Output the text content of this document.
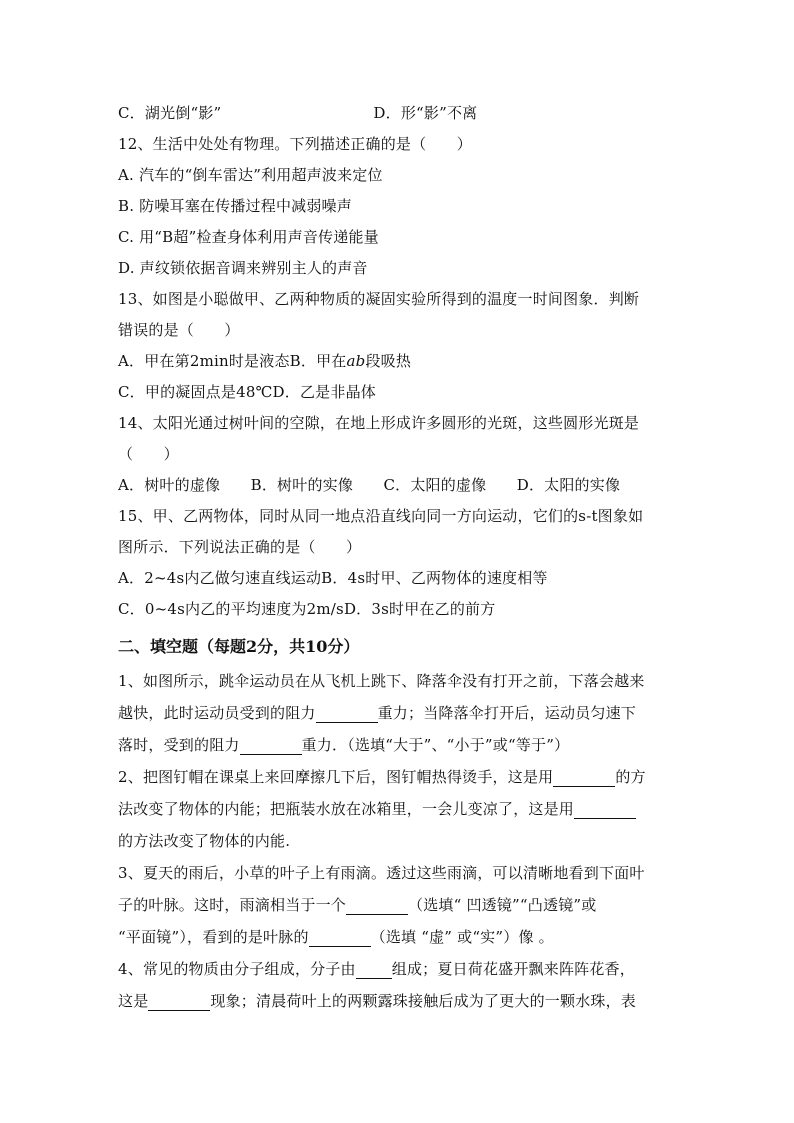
C．湖光倒“影”	D．形“影”不离
12、生活中处处有物理。下列描述正确的是（　　）
A. 汽车的“倒车雷达”利用超声波来定位
B. 防噪耳塞在传播过程中减弱噪声
C. 用“B超”检查身体利用声音传递能量
D. 声纹锁依据音调来辨别主人的声音
13、如图是小聪做甲、乙两种物质的凝固实验所得到的温度一时间图象．判断
错误的是（　　）
A．甲在第2min时是液态B．甲在ab段吸热
C．甲的凝固点是48℃D．乙是非晶体
14、太阳光通过树叶间的空隙，在地上形成许多圆形的光斑，这些圆形光斑是
（　　）
A．树叶的虚像　　B．树叶的实像　　C．太阳的虚像　　D．太阳的实像
15、甲、乙两物体，同时从同一地点沿直线向同一方向运动，它们的s-t图象如
图所示．下列说法正确的是（　　）
A．2~4s内乙做匀速直线运动B．4s时甲、乙两物体的速度相等
C．0~4s内乙的平均速度为2m/sD．3s时甲在乙的前方
二、填空题（每题2分，共10分）
1、如图所示，跳伞运动员在从飞机上跳下、降落伞没有打开之前，下落会越来
越快，此时运动员受到的阻力	重力；当降落伞打开后，运动员匀速下
落时，受到的阻力	重力．（选填“大于”、“小于”或“等于”）
2、把图钉帽在课桌上来回摩擦几下后，图钉帽热得烫手，这是用	的方
法改变了物体的内能；把瓶装水放在冰箱里，一会儿变凉了，这是用
的方法改变了物体的内能.
3、夏天的雨后，小草的叶子上有雨滴。透过这些雨滴，可以清晰地看到下面叶
子的叶脉。这时，雨滴相当于一个	（选填“ 凹透镜”“凸透镜”或
“平面镜”），看到的是叶脉的	（选填 “虚” 或“实”）像 。
4、常见的物质由分子组成，分子由 组成；夏日荷花盛开飘来阵阵花香，
这是	现象；清晨荷叶上的两颗露珠接触后成为了更大的一颗水珠，表
